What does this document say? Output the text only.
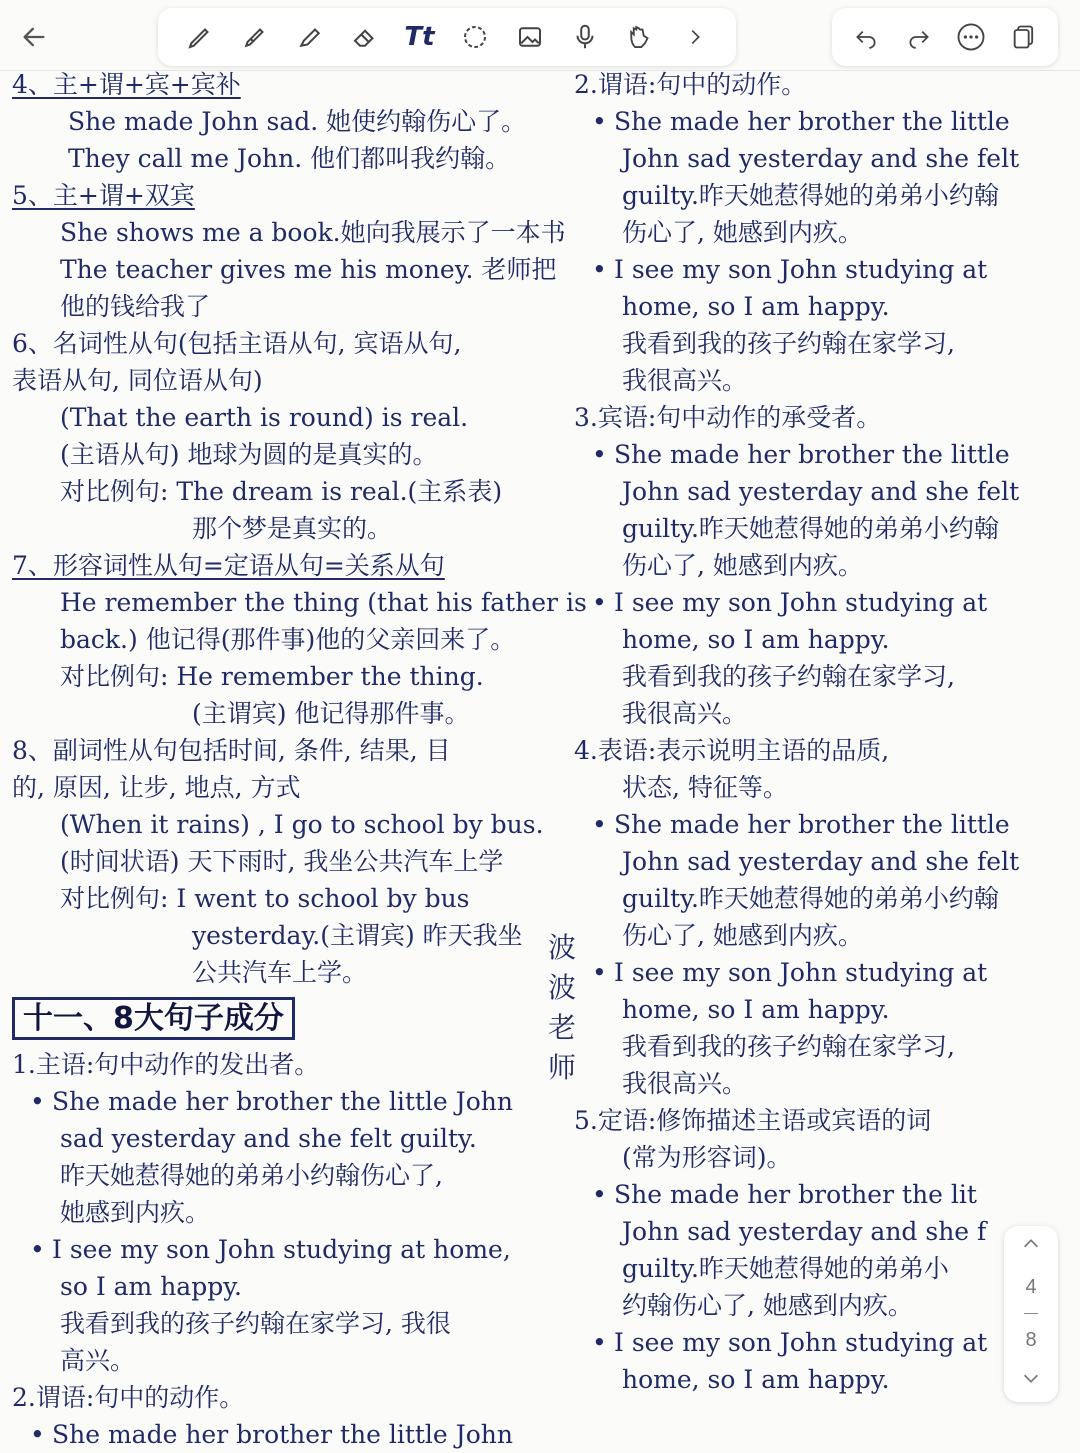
Tt
4、主+谓+宾+宾补
She made John sad. 她使约翰伤心了。
They call me John. 他们都叫我约翰。
5、主+谓+双宾
She shows me a book.她向我展示了一本书
The teacher gives me his money. 老师把
他的钱给我了
6、名词性从句(包括主语从句, 宾语从句,
表语从句, 同位语从句)
(That the earth is round) is real.
(主语从句) 地球为圆的是真实的。
对比例句: The dream is real.(主系表)
那个梦是真实的。
7、形容词性从句=定语从句=关系从句
He remember the thing (that his father is
back.) 他记得(那件事)他的父亲回来了。
对比例句: He remember the thing.
(主谓宾) 他记得那件事。
8、副词性从句包括时间, 条件, 结果, 目
的, 原因, 让步, 地点, 方式
(When it rains) , I go to school by bus.
(时间状语) 天下雨时, 我坐公共汽车上学
对比例句: I went to school by bus
yesterday.(主谓宾) 昨天我坐
公共汽车上学。
十一、8大句子成分
1.主语:句中动作的发出者。
• She made her brother the little John
sad yesterday and she felt guilty.
昨天她惹得她的弟弟小约翰伤心了,
她感到内疚。
• I see my son John studying at home,
so I am happy.
我看到我的孩子约翰在家学习, 我很
高兴。
2.谓语:句中的动作。
• She made her brother the little John
2.谓语:句中的动作。
• She made her brother the little
John sad yesterday and she felt
guilty.昨天她惹得她的弟弟小约翰
伤心了, 她感到内疚。
• I see my son John studying at
home, so I am happy.
我看到我的孩子约翰在家学习,
我很高兴。
3.宾语:句中动作的承受者。
• She made her brother the little
John sad yesterday and she felt
guilty.昨天她惹得她的弟弟小约翰
伤心了, 她感到内疚。
• I see my son John studying at
home, so I am happy.
我看到我的孩子约翰在家学习,
我很高兴。
4.表语:表示说明主语的品质,
状态, 特征等。
• She made her brother the little
John sad yesterday and she felt
guilty.昨天她惹得她的弟弟小约翰
伤心了, 她感到内疚。
• I see my son John studying at
home, so I am happy.
我看到我的孩子约翰在家学习,
我很高兴。
5.定语:修饰描述主语或宾语的词
(常为形容词)。
• She made her brother the lit
John sad yesterday and she f
guilty.昨天她惹得她的弟弟小
约翰伤心了, 她感到内疚。
• I see my son John studying at
home, so I am happy.
波
波
老
师
4
8
